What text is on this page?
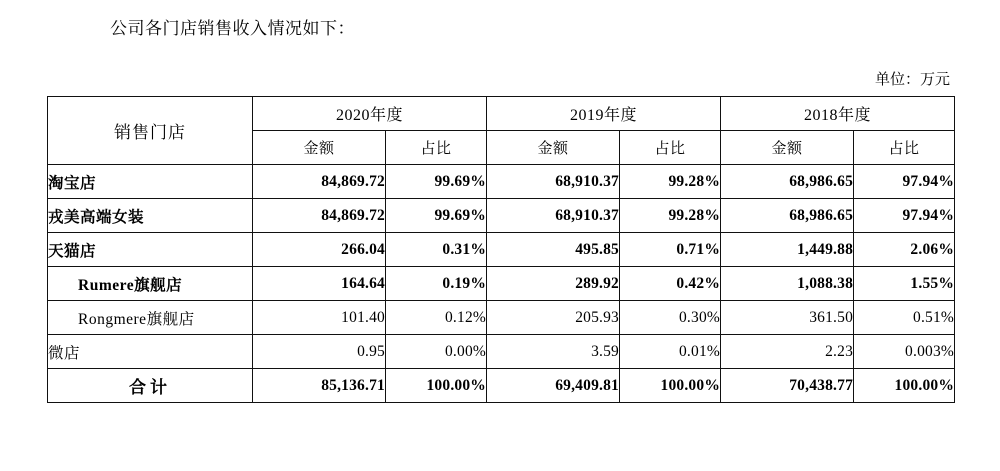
公司各门店销售收入情况如下：
单位：万元
销售门店	2020年度		2019年度		2018年度	
	金额	占比	金额	占比	金额	占比
淘宝店	84,869.72	99.69%	68,910.37	99.28%	68,986.65	97.94%
戎美高端女装	84,869.72	99.69%	68,910.37	99.28%	68,986.65	97.94%
天猫店	266.04	0.31%	495.85	0.71%	1,449.88	2.06%
Rumere旗舰店	164.64	0.19%	289.92	0.42%	1,088.38	1.55%
Rongmere旗舰店	101.40	0.12%	205.93	0.30%	361.50	0.51%
微店	0.95	0.00%	3.59	0.01%	2.23	0.003%
合计	85,136.71	100.00%	69,409.81	100.00%	70,438.77	100.00%
